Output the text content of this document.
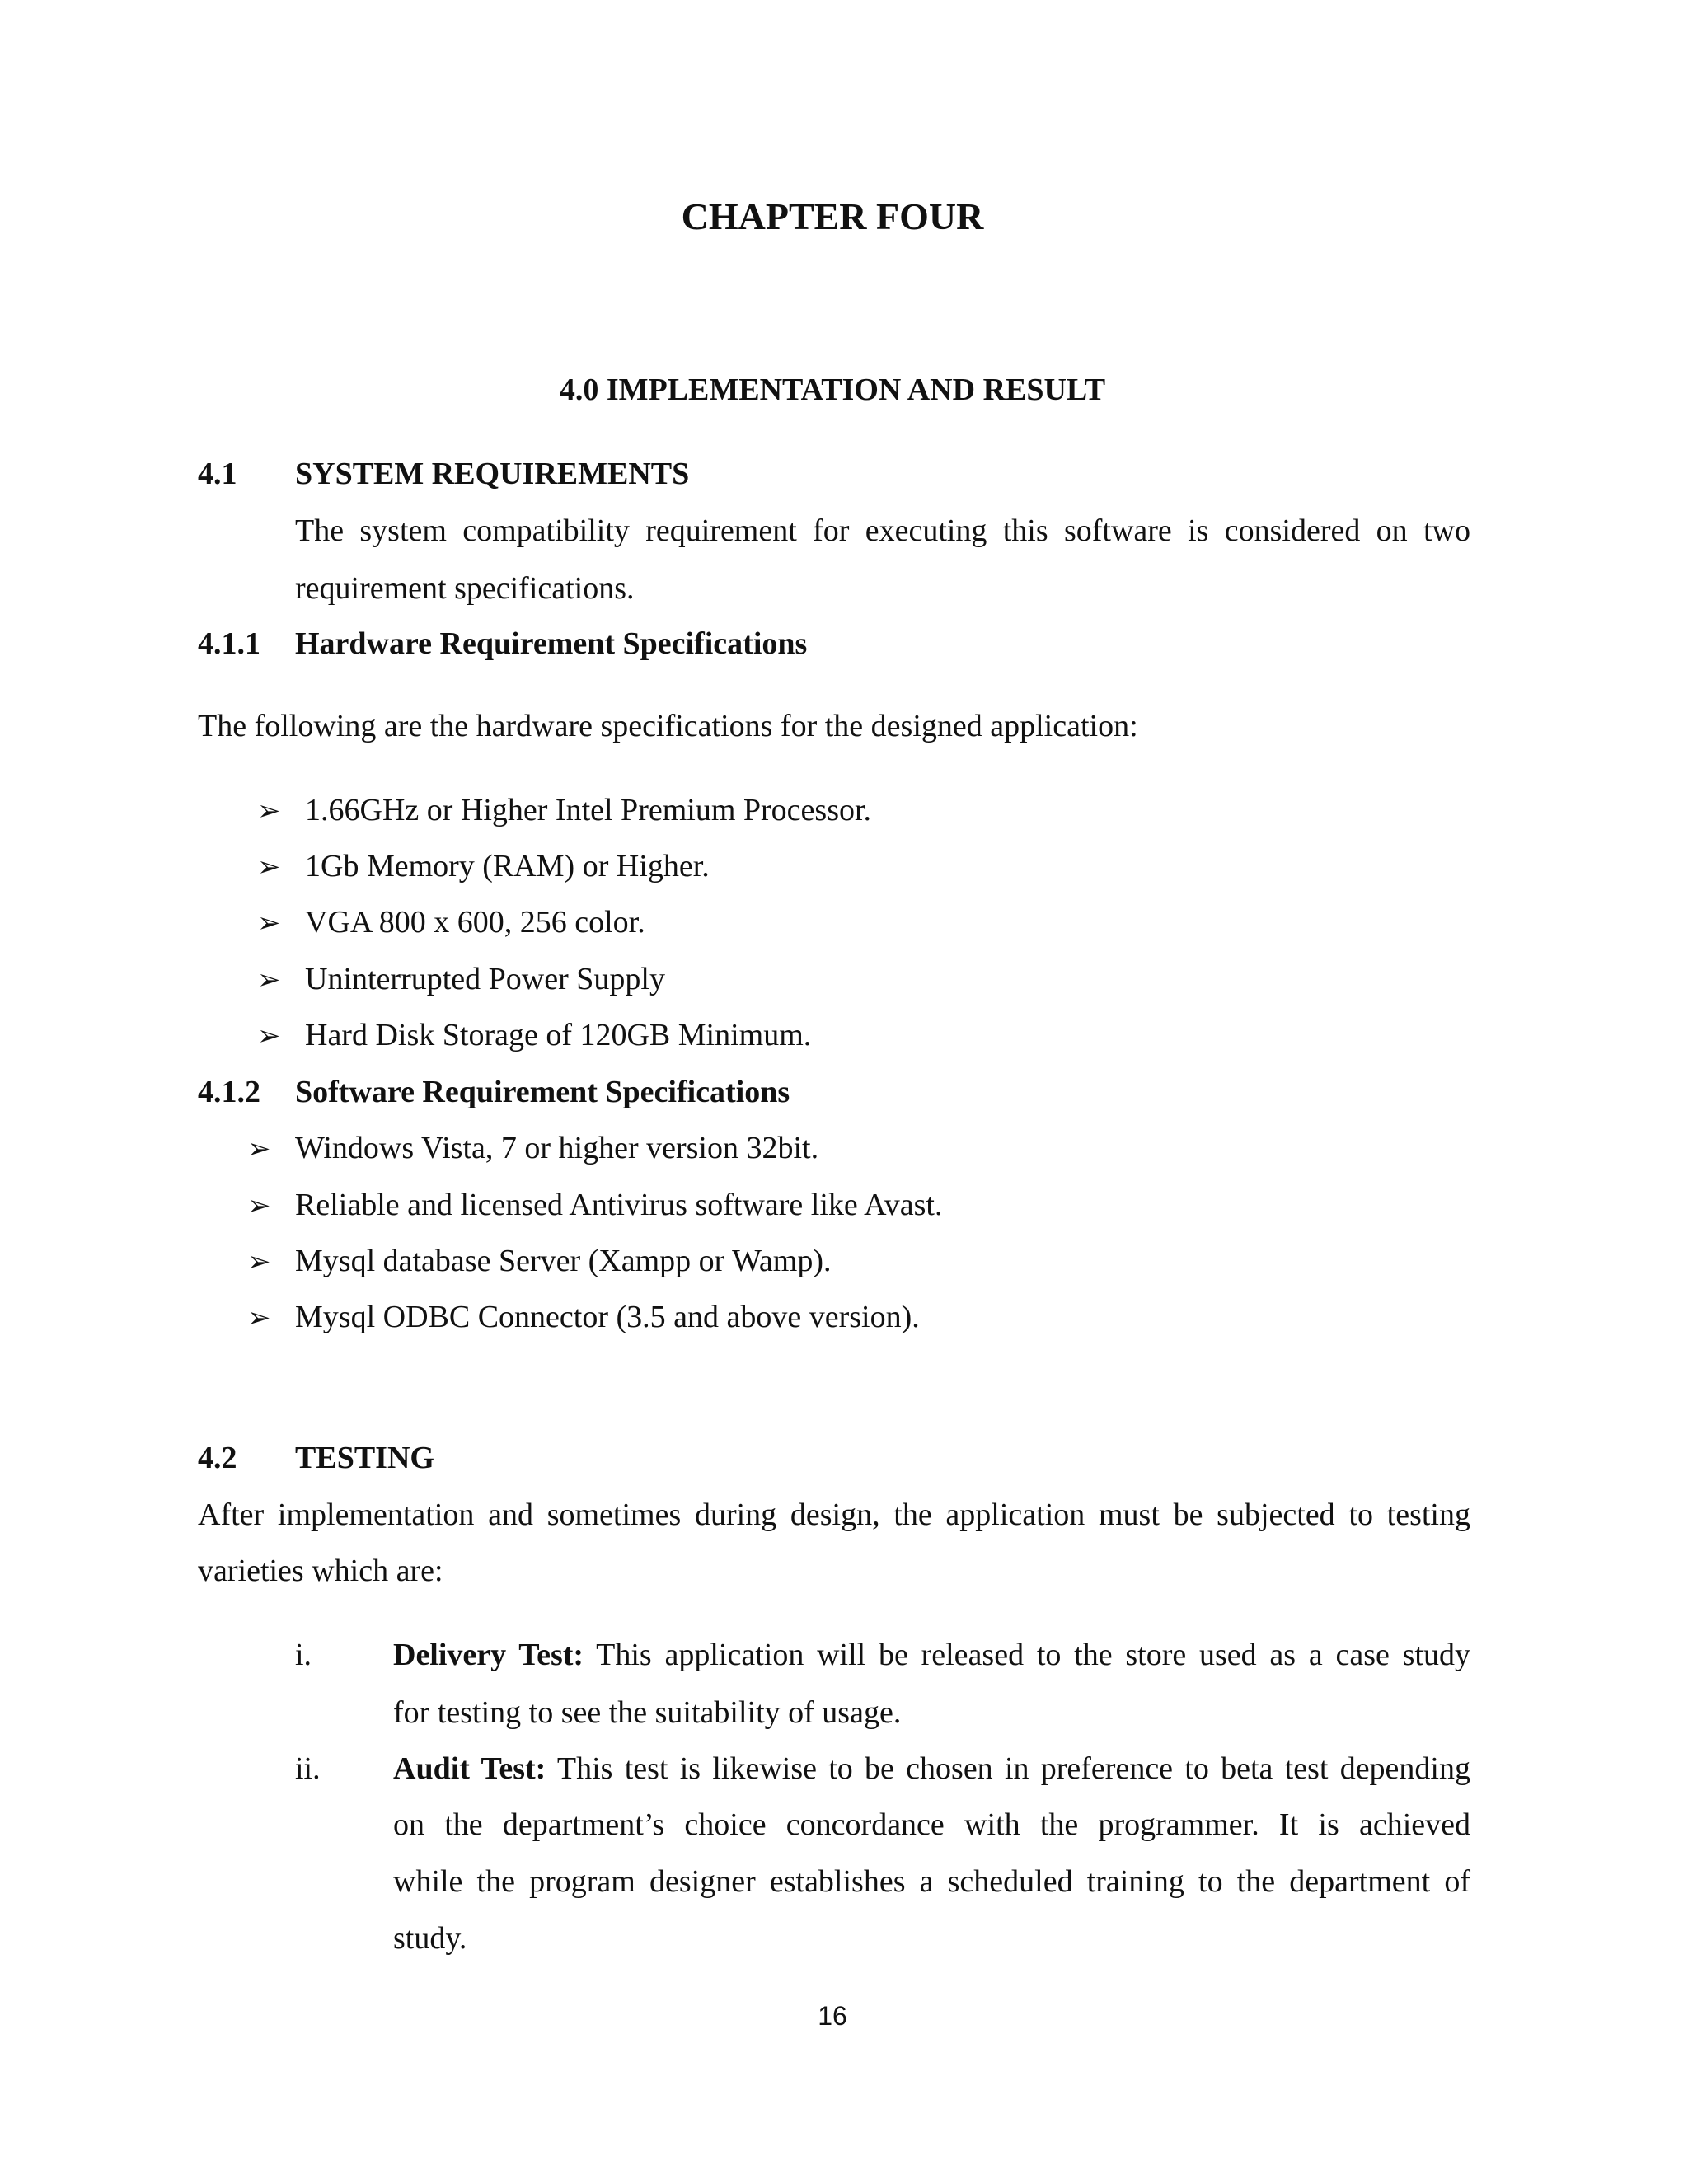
CHAPTER FOUR
4.0 IMPLEMENTATION AND RESULT
4.1 SYSTEM REQUIREMENTS
The system compatibility requirement for executing this software is considered on two
requirement specifications.
4.1.1 Hardware Requirement Specifications
The following are the hardware specifications for the designed application:
➢ 1.66GHz or Higher Intel Premium Processor.
➢ 1Gb Memory (RAM) or Higher.
➢ VGA 800 x 600, 256 color.
➢ Uninterrupted Power Supply
➢ Hard Disk Storage of 120GB Minimum.
4.1.2 Software Requirement Specifications
➢ Windows Vista, 7 or higher version 32bit.
➢ Reliable and licensed Antivirus software like Avast.
➢ Mysql database Server (Xampp or Wamp).
➢ Mysql ODBC Connector (3.5 and above version).
4.2 TESTING
After implementation and sometimes during design, the application must be subjected to testing
varieties which are:
i.	Delivery Test: This application will be released to the store used as a case study
for testing to see the suitability of usage.
ii. Audit Test: This test is likewise to be chosen in preference to beta test depending
on the department’s choice concordance with the programmer. It is achieved
while the program designer establishes a scheduled training to the department of
study.
16
